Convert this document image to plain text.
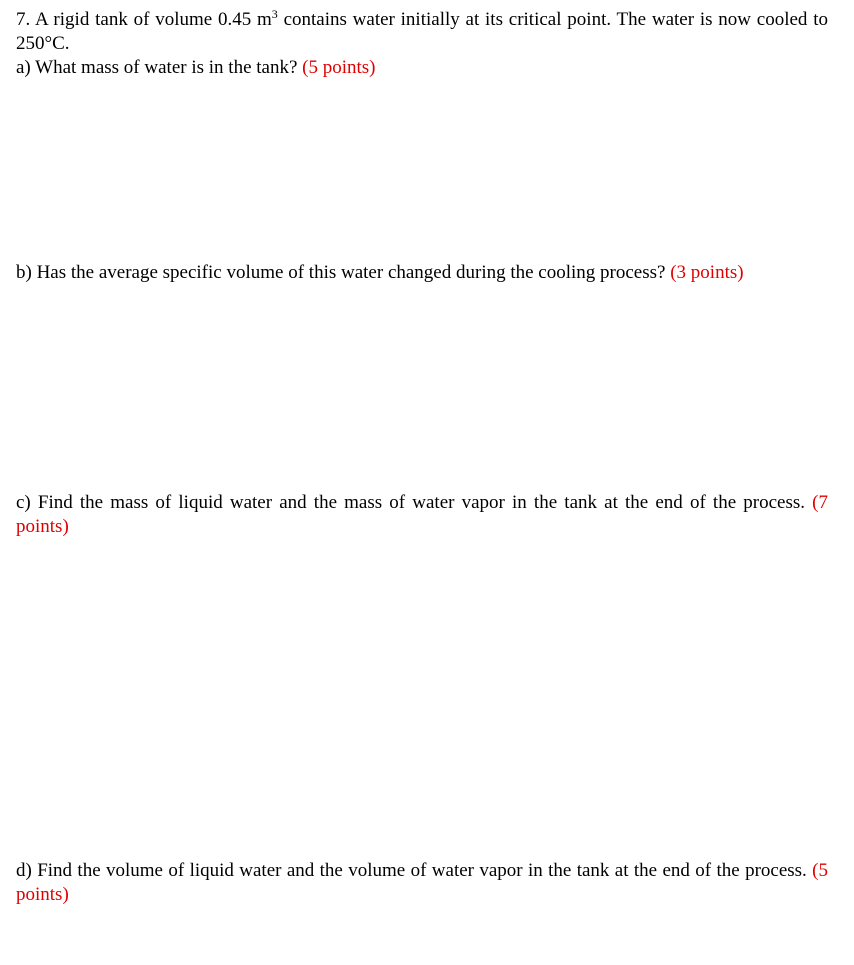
7. A rigid tank of volume 0.45 $m^3$ contains water initially at its critical point. The water is now cooled to 250°C.

a) What mass of water is in the tank? (5 points)

b) Has the average specific volume of this water changed during the cooling process? (3 points)

c) Find the mass of liquid water and the mass of water vapor in the tank at the end of the process. (7 points)

d) Find the volume of liquid water and the volume of water vapor in the tank at the end of the process. (5 points)
